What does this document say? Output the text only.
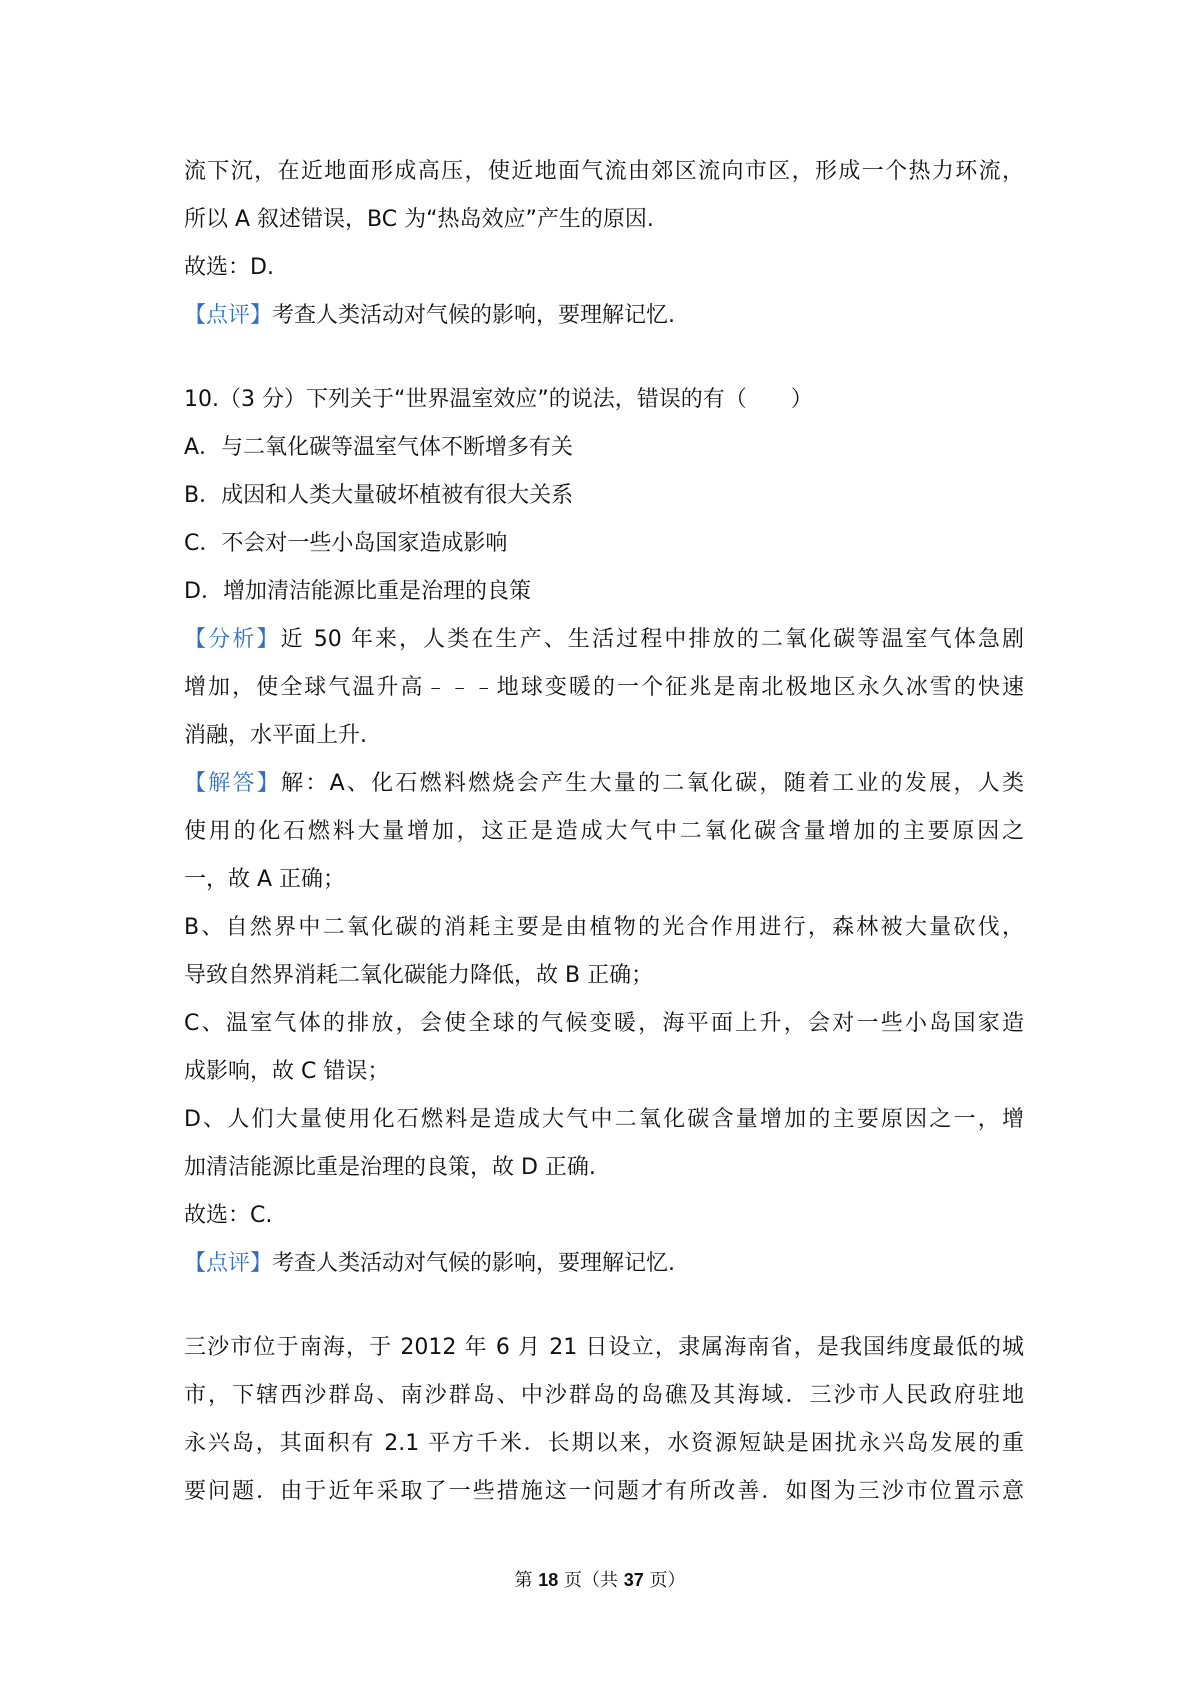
流下沉，在近地面形成高压，使近地面气流由郊区流向市区，形成一个热力环流，
所以 A 叙述错误，BC 为“热岛效应”产生的原因.
故选：D.
【点评】考查人类活动对气候的影响，要理解记忆.
10.（3 分）下列关于“世界温室效应”的说法，错误的有（　　）
A．与二氧化碳等温室气体不断增多有关
B．成因和人类大量破坏植被有很大关系
C．不会对一些小岛国家造成影响
D．增加清洁能源比重是治理的良策
【分析】近 50 年来，人类在生产、生活过程中排放的二氧化碳等温室气体急剧
增加，使全球气温升高﹣﹣﹣地球变暖的一个征兆是南北极地区永久冰雪的快速
消融，水平面上升.
【解答】解：A、化石燃料燃烧会产生大量的二氧化碳，随着工业的发展，人类
使用的化石燃料大量增加，这正是造成大气中二氧化碳含量增加的主要原因之
一，故 A 正确；
B、自然界中二氧化碳的消耗主要是由植物的光合作用进行，森林被大量砍伐，
导致自然界消耗二氧化碳能力降低，故 B 正确；
C、温室气体的排放，会使全球的气候变暖，海平面上升，会对一些小岛国家造
成影响，故 C 错误；
D、人们大量使用化石燃料是造成大气中二氧化碳含量增加的主要原因之一，增
加清洁能源比重是治理的良策，故 D 正确.
故选：C.
【点评】考查人类活动对气候的影响，要理解记忆.
三沙市位于南海，于 2012 年 6 月 21 日设立，隶属海南省，是我国纬度最低的城
市，下辖西沙群岛、南沙群岛、中沙群岛的岛礁及其海域．三沙市人民政府驻地
永兴岛，其面积有 2.1 平方千米．长期以来，水资源短缺是困扰永兴岛发展的重
要问题．由于近年采取了一些措施这一问题才有所改善．如图为三沙市位置示意
第 18 页（共 37 页）
